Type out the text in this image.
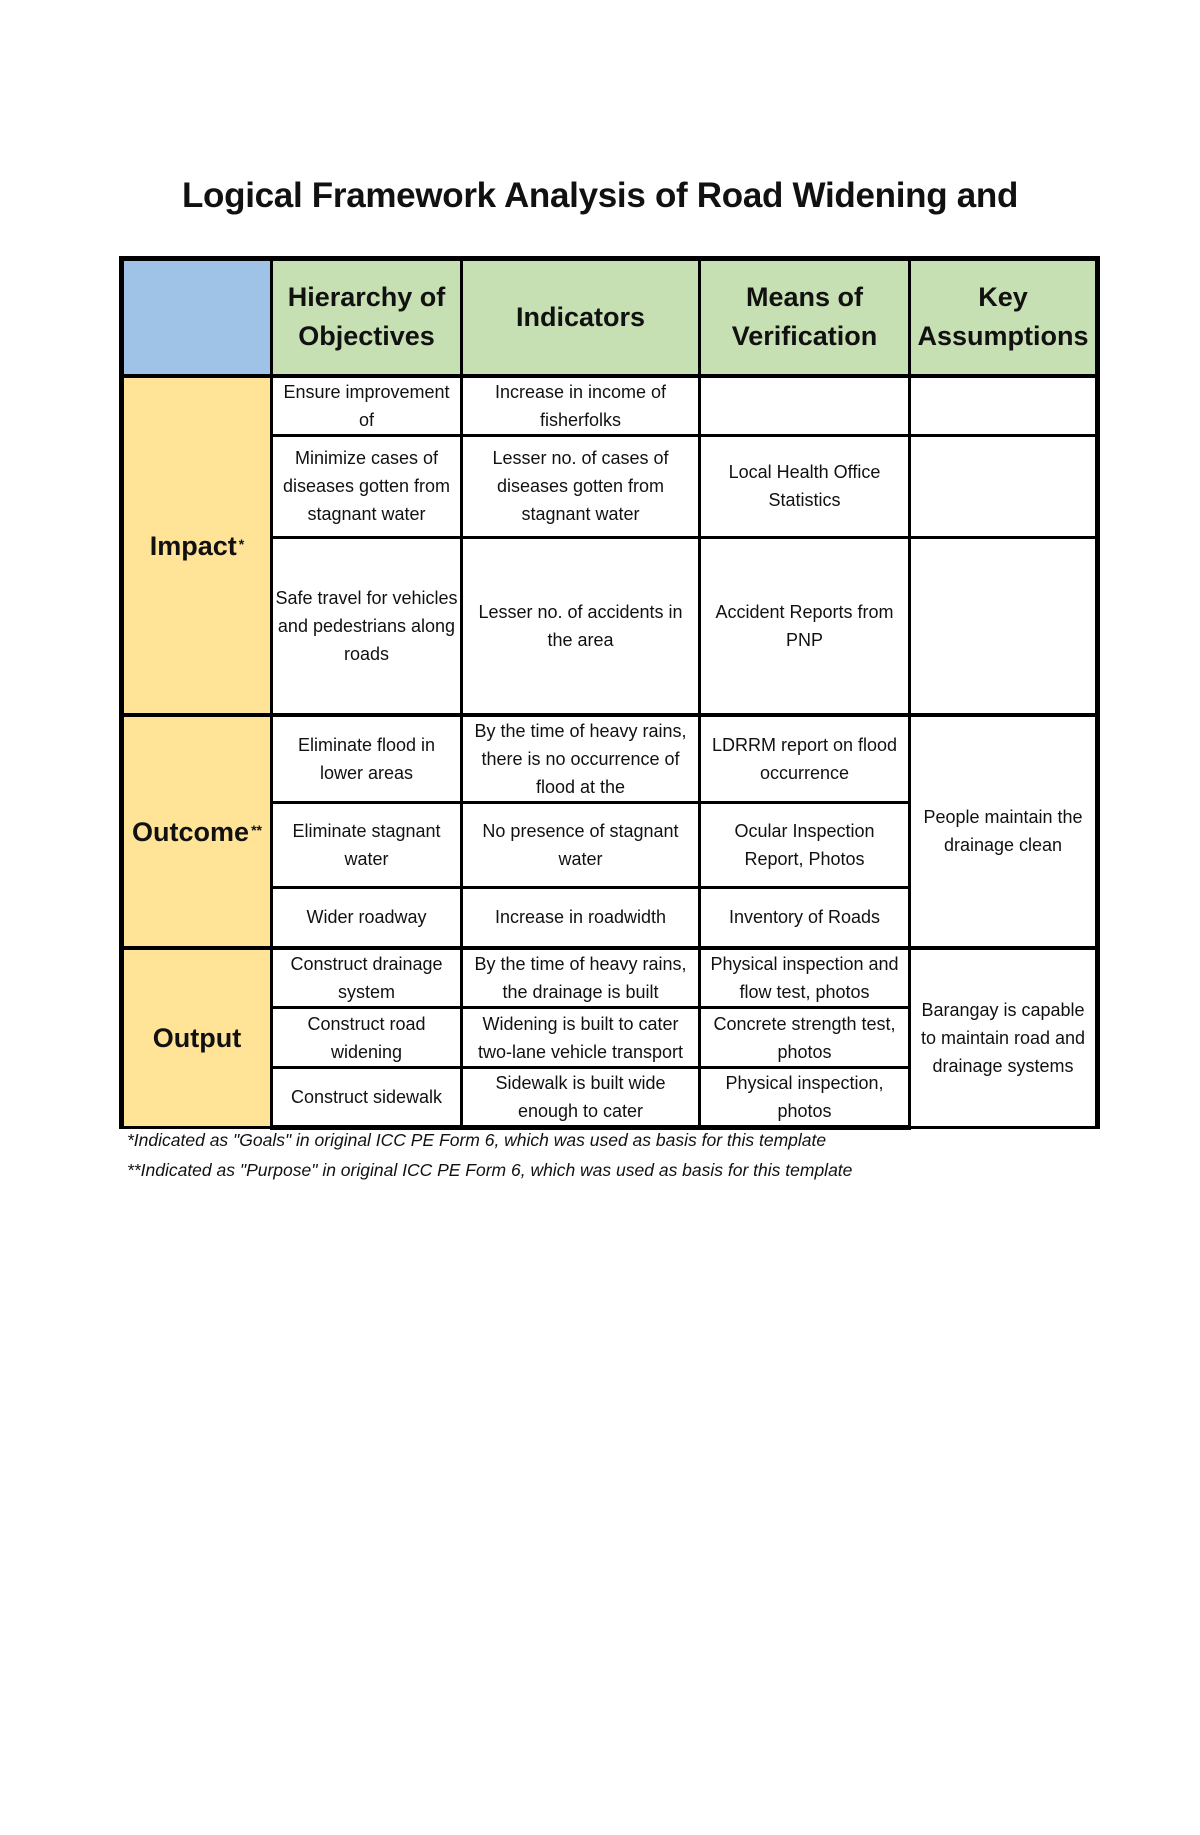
Logical Framework Analysis of Road Widening and
	Hierarchy of Objectives	Indicators	Means of Verification	Key Assumptions
Impact *	Ensure improvement of	Increase in income of fisherfolks		
	Minimize cases of diseases gotten from stagnant water	Lesser no. of cases of diseases gotten from stagnant water	Local Health Office Statistics	
	Safe travel for vehicles and pedestrians along roads	Lesser no. of accidents in the area	Accident Reports from PNP	
Outcome **	Eliminate flood in lower areas	By the time of heavy rains, there is no occurrence of flood at the	LDRRM report on flood occurrence	People maintain the drainage clean
	Eliminate stagnant water	No presence of stagnant water	Ocular Inspection Report, Photos	
	Wider roadway	Increase in roadwidth	Inventory of Roads	
Output	Construct drainage system	By the time of heavy rains, the drainage is built	Physical inspection and flow test, photos	Barangay is capable to maintain road and drainage systems
	Construct road widening	Widening is built to cater two-lane vehicle transport	Concrete strength test, photos	
	Construct sidewalk	Sidewalk is built wide enough to cater	Physical inspection, photos	

*Indicated as "Goals" in original ICC PE Form 6, which was used as basis for this template

**Indicated as "Purpose" in original ICC PE Form 6, which was used as basis for this template
